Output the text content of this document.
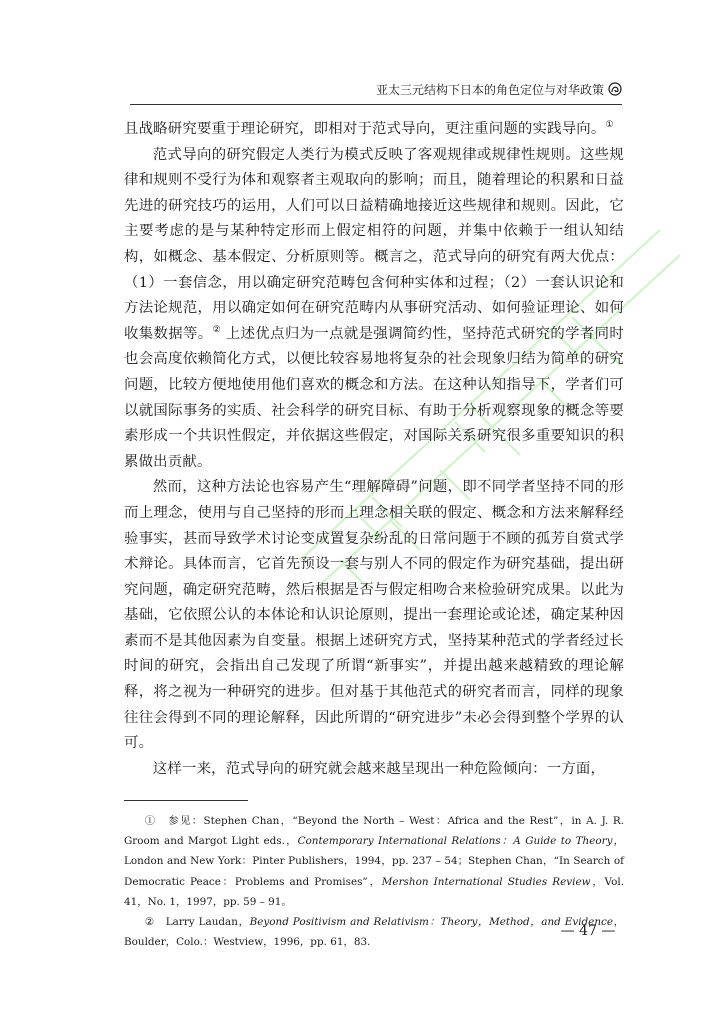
亚太三元结构下日本的角色定位与对华政策

且战略研究要重于理论研究，即相对于范式导向，更注重问题的实践导向。①

范式导向的研究假定人类行为模式反映了客观规律或规律性规则。这些规律和规则不受行为体和观察者主观取向的影响；而且，随着理论的积累和日益先进的研究技巧的运用，人们可以日益精确地接近这些规律和规则。因此，它主要考虑的是与某种特定形而上假定相符的问题，并集中依赖于一组认知结构，如概念、基本假定、分析原则等。概言之，范式导向的研究有两大优点：（1）一套信念，用以确定研究范畴包含何种实体和过程；（2）一套认识论和方法论规范，用以确定如何在研究范畴内从事研究活动、如何验证理论、如何收集数据等。② 上述优点归为一点就是强调简约性，坚持范式研究的学者同时也会高度依赖简化方式，以便比较容易地将复杂的社会现象归结为简单的研究问题，比较方便地使用他们喜欢的概念和方法。在这种认知指导下，学者们可以就国际事务的实质、社会科学的研究目标、有助于分析观察现象的概念等要素形成一个共识性假定，并依据这些假定，对国际关系研究很多重要知识的积累做出贡献。

然而，这种方法论也容易产生“理解障碍”问题，即不同学者坚持不同的形而上理念，使用与自己坚持的形而上理念相关联的假定、概念和方法来解释经验事实，甚而导致学术讨论变成置复杂纷乱的日常问题于不顾的孤芳自赏式学术辩论。具体而言，它首先预设一套与别人不同的假定作为研究基础，提出研究问题，确定研究范畴，然后根据是否与假定相吻合来检验研究成果。以此为基础，它依照公认的本体论和认识论原则，提出一套理论或论述，确定某种因素而不是其他因素为自变量。根据上述研究方式，坚持某种范式的学者经过长时间的研究，会指出自己发现了所谓“新事实”，并提出越来越精致的理论解释，将之视为一种研究的进步。但对基于其他范式的研究者而言，同样的现象往往会得到不同的理论解释，因此所谓的“研究进步”未必会得到整个学界的认可。

这样一来，范式导向的研究就会越来越呈现出一种危险倾向：一方面，

①　 参见：Stephen Chan，“Beyond the North – West：Africa and the Rest”，in A. J. R. Groom and Margot Light eds.，Contemporary International Relations：A Guide to Theory，London and New York：Pinter Publishers，1994，pp. 237 – 54；Stephen Chan，“In Search of Democratic Peace：Problems and Promises”，Mershon International Studies Review，Vol. 41，No. 1，1997，pp. 59 – 91。

②　 Larry Laudan，Beyond Positivism and Relativism：Theory，Method，and Evidence，Boulder，Colo.：Westview，1996，pp. 61，83.

— 47 —
